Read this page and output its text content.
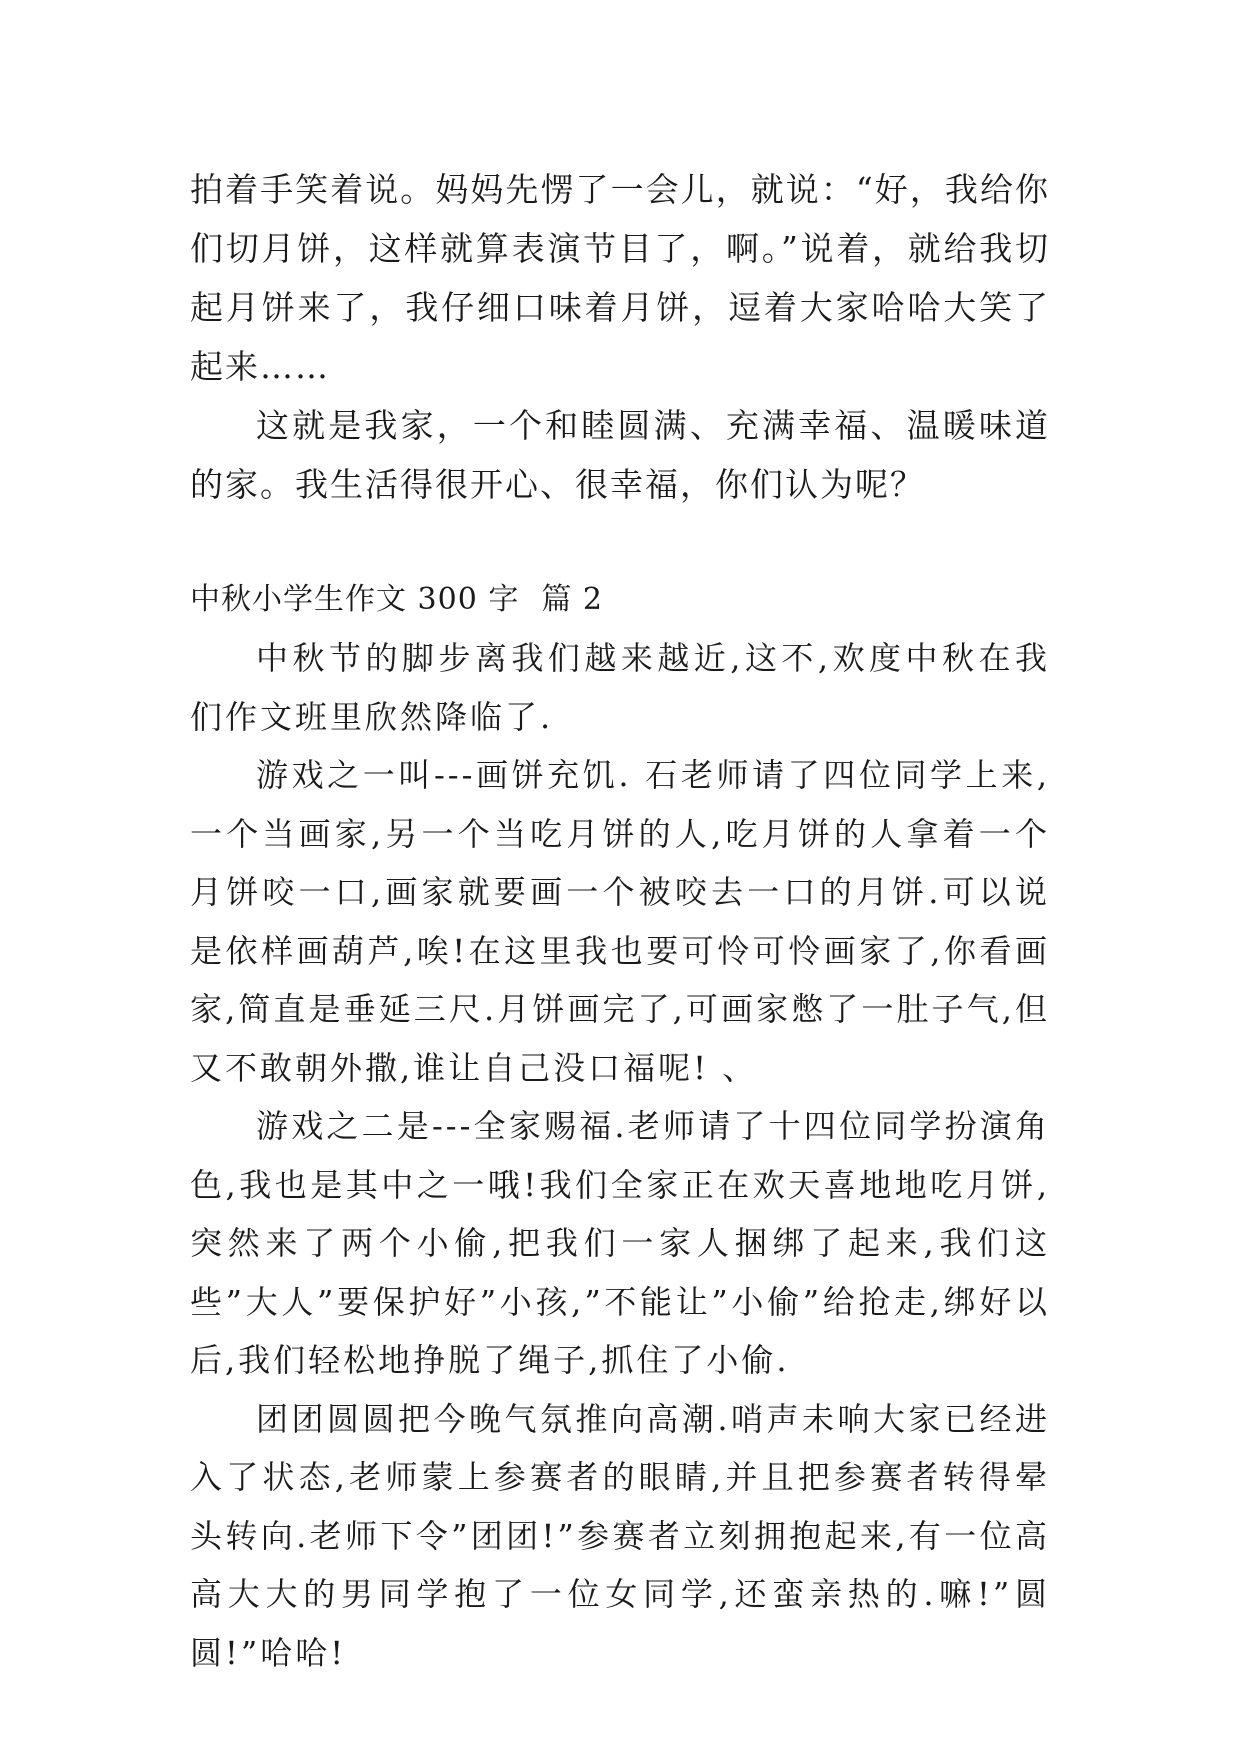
拍着手笑着说。妈妈先愣了一会儿，就说：“好，我给你们切月饼，这样就算表演节目了，啊。”说着，就给我切起月饼来了，我仔细口味着月饼，逗着大家哈哈大笑了起来……

这就是我家，一个和睦圆满、充满幸福、温暖味道的家。我生活得很开心、很幸福，你们认为呢？

中秋小学生作文 300 字 篇 2

中秋节的脚步离我们越来越近,这不,欢度中秋在我们作文班里欣然降临了.

游戏之一叫---画饼充饥. 石老师请了四位同学上来,一个当画家,另一个当吃月饼的人,吃月饼的人拿着一个月饼咬一口,画家就要画一个被咬去一口的月饼.可以说是依样画葫芦,唉!在这里我也要可怜可怜画家了,你看画家,简直是垂延三尺.月饼画完了,可画家憋了一肚子气,但又不敢朝外撒,谁让自己没口福呢! 、

游戏之二是---全家赐福.老师请了十四位同学扮演角色,我也是其中之一哦!我们全家正在欢天喜地地吃月饼,突然来了两个小偷,把我们一家人捆绑了起来,我们这些”大人”要保护好”小孩,”不能让”小偷”给抢走,绑好以后,我们轻松地挣脱了绳子,抓住了小偷.

团团圆圆把今晚气氛推向高潮.哨声未响大家已经进入了状态,老师蒙上参赛者的眼睛,并且把参赛者转得晕头转向.老师下令”团团!”参赛者立刻拥抱起来,有一位高高大大的男同学抱了一位女同学,还蛮亲热的.嘛!”圆圆!”哈哈!
